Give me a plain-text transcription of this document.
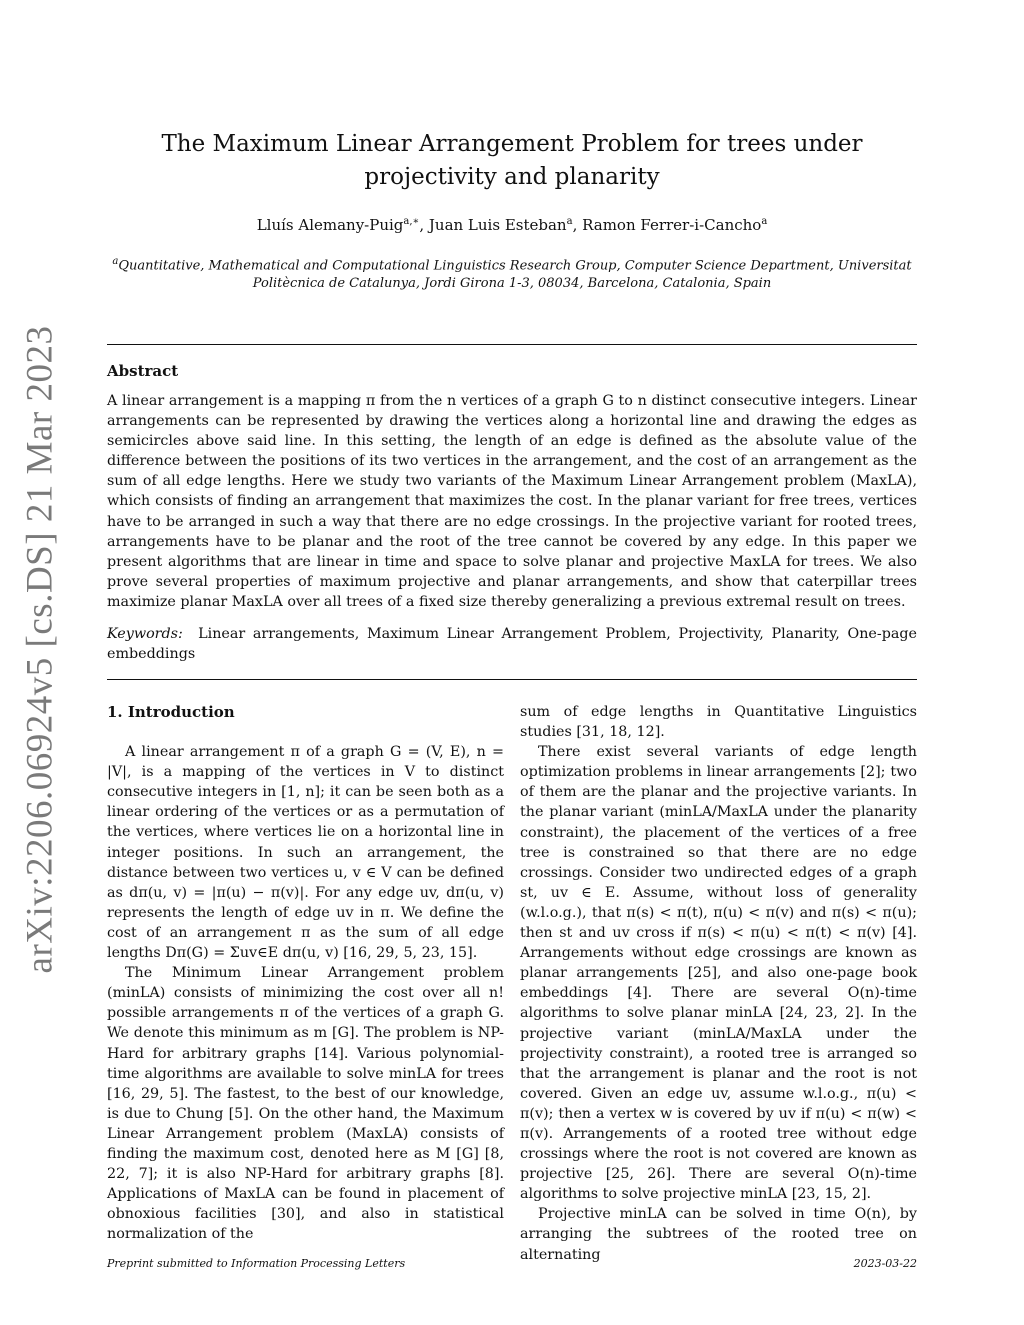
arXiv:2206.06924v5 [cs.DS] 21 Mar 2023
The Maximum Linear Arrangement Problem for trees under projectivity and planarity
Lluís Alemany-Puig$^{a,∗}$, Juan Luis Esteban$^a$, Ramon Ferrer-i-Cancho$^a$
$^a$Quantitative, Mathematical and Computational Linguistics Research Group, Computer Science Department, Universitat Politècnica de Catalunya, Jordi Girona 1-3, 08034, Barcelona, Catalonia, Spain
Abstract
A linear arrangement is a mapping π from the n vertices of a graph G to n distinct consecutive integers. Linear arrangements can be represented by drawing the vertices along a horizontal line and drawing the edges as semicircles above said line. In this setting, the length of an edge is defined as the absolute value of the difference between the positions of its two vertices in the arrangement, and the cost of an arrangement as the sum of all edge lengths. Here we study two variants of the Maximum Linear Arrangement problem (MaxLA), which consists of finding an arrangement that maximizes the cost. In the planar variant for free trees, vertices have to be arranged in such a way that there are no edge crossings. In the projective variant for rooted trees, arrangements have to be planar and the root of the tree cannot be covered by any edge. In this paper we present algorithms that are linear in time and space to solve planar and projective MaxLA for trees. We also prove several properties of maximum projective and planar arrangements, and show that caterpillar trees maximize planar MaxLA over all trees of a fixed size thereby generalizing a previous extremal result on trees.
Keywords: Linear arrangements, Maximum Linear Arrangement Problem, Projectivity, Planarity, One-page embeddings
1. Introduction

A linear arrangement π of a graph G = (V, E), n = |V|, is a mapping of the vertices in V to distinct consecutive integers in [1, n]; it can be seen both as a linear ordering of the vertices or as a permutation of the vertices, where vertices lie on a horizontal line in integer positions. In such an arrangement, the distance between two vertices u, v ∈ V can be defined as dπ(u, v) = |π(u) − π(v)|. For any edge uv, dπ(u, v) represents the length of edge uv in π. We define the cost of an arrangement π as the sum of all edge lengths Dπ(G) = Σuv∈E dπ(u, v) [16, 29, 5, 23, 15].

The Minimum Linear Arrangement problem (minLA) consists of minimizing the cost over all n! possible arrangements π of the vertices of a graph G. We denote this minimum as m [G]. The problem is NP-Hard for arbitrary graphs [14]. Various polynomial-time algorithms are available to solve minLA for trees [16, 29, 5]. The fastest, to the best of our knowledge, is due to Chung [5]. On the other hand, the Maximum Linear Arrangement problem (MaxLA) consists of finding the maximum cost, denoted here as M [G] [8, 22, 7]; it is also NP-Hard for arbitrary graphs [8]. Applications of MaxLA can be found in placement of obnoxious facilities [30], and also in statistical normalization of the

sum of edge lengths in Quantitative Linguistics studies [31, 18, 12].

There exist several variants of edge length optimization problems in linear arrangements [2]; two of them are the planar and the projective variants. In the planar variant (minLA/MaxLA under the planarity constraint), the placement of the vertices of a free tree is constrained so that there are no edge crossings. Consider two undirected edges of a graph st, uv ∈ E. Assume, without loss of generality (w.l.o.g.), that π(s) < π(t), π(u) < π(v) and π(s) < π(u); then st and uv cross if π(s) < π(u) < π(t) < π(v) [4]. Arrangements without edge crossings are known as planar arrangements [25], and also one-page book embeddings [4]. There are several O(n)-time algorithms to solve planar minLA [24, 23, 2]. In the projective variant (minLA/MaxLA under the projectivity constraint), a rooted tree is arranged so that the arrangement is planar and the root is not covered. Given an edge uv, assume w.l.o.g., π(u) < π(v); then a vertex w is covered by uv if π(u) < π(w) < π(v). Arrangements of a rooted tree without edge crossings where the root is not covered are known as projective [25, 26]. There are several O(n)-time algorithms to solve projective minLA [23, 15, 2].

Projective minLA can be solved in time O(n), by arranging the subtrees of the rooted tree on alternating

Preprint submitted to Information Processing Letters	2023-03-22
